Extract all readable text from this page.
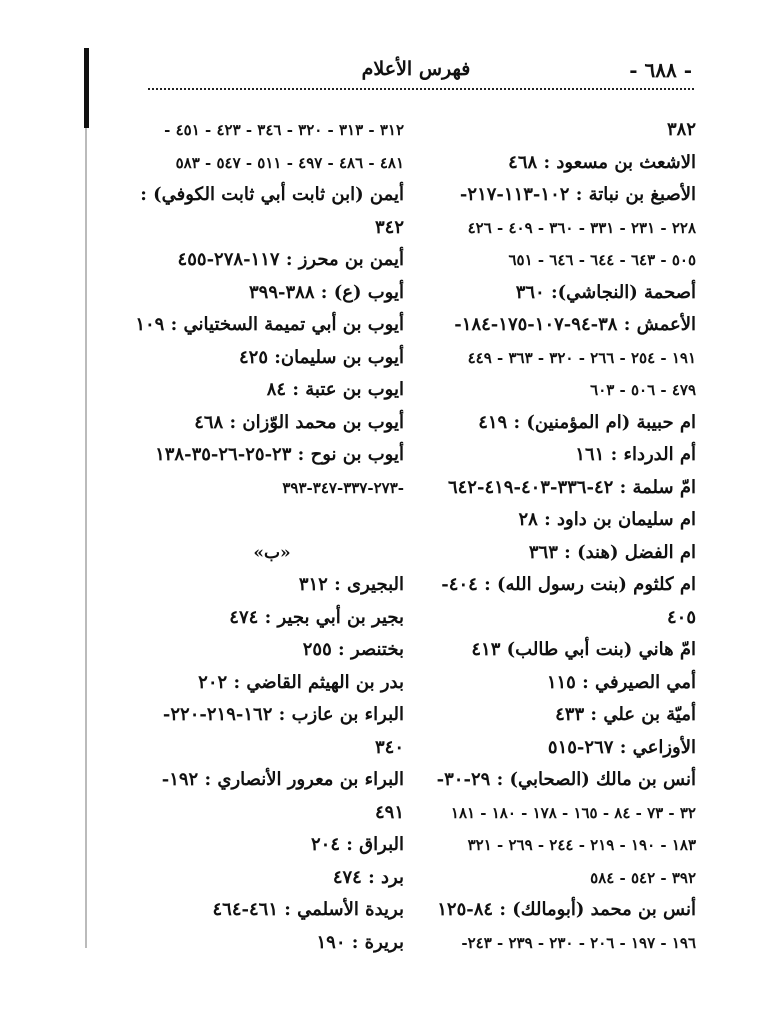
- ٦٨٨ -
فهرس الأعلام
٣٨٢
الاشعث بن مسعود : ٤٦٨
الأصبغ بن نباتة : ١٠٢-١١٣-٢١٧-
٢٢٨ - ٢٣١ - ٣٣١ - ٣٦٠ - ٤٠٩ - ٤٢٦
٥٠٥ - ٦٤٣ - ٦٤٤ - ٦٤٦ - ٦٥١
أصحمة (النجاشي): ٣٦٠
الأعمش : ٣٨-٩٤-١٠٧-١٧٥-١٨٤-
١٩١ - ٢٥٤ - ٢٦٦ - ٣٢٠ - ٣٦٣ - ٤٤٩
٤٧٩ - ٥٠٦ - ٦٠٣
ام حبيبة (ام المؤمنين) : ٤١٩
أم الدرداء : ١٦١
امّ سلمة : ٤٢-٣٣٦-٤٠٣-٤١٩-٦٤٢
ام سليمان بن داود : ٢٨
ام الفضل (هند) : ٣٦٣
ام كلثوم (بنت رسول الله) : ٤٠٤-
٤٠٥
امّ هاني (بنت أبي طالب) ٤١٣
أمي الصيرفي : ١١٥
أميّة بن علي : ٤٣٣
الأوزاعي : ٢٦٧-٥١٥
أنس بن مالك (الصحابي) : ٢٩-٣٠-
٣٢ - ٧٣ - ٨٤ - ١٦٥ - ١٧٨ - ١٨٠ - ١٨١
١٨٣ - ١٩٠ - ٢١٩ - ٢٤٤ - ٢٦٩ - ٣٢١
٣٩٢ - ٥٤٢ - ٥٨٤
أنس بن محمد (أبومالك) : ٨٤-١٢٥
١٩٦ - ١٩٧ - ٢٠٦ - ٢٣٠ - ٢٣٩ - ٢٤٣-
٣١٢ - ٣١٣ - ٣٢٠ - ٣٤٦ - ٤٢٣ - ٤٥١ -
٤٨١ - ٤٨٦ - ٤٩٧ - ٥١١ - ٥٤٧ - ٥٨٣
أيمن (ابن ثابت أبي ثابت الكوفي) :
٣٤٢
أيمن بن محرز : ١١٧-٢٧٨-٤٥٥
أيوب (ع) : ٣٨٨-٣٩٩
أيوب بن أبي تميمة السختياني : ١٠٩
أيوب بن سليمان: ٤٢٥
ايوب بن عتبة : ٨٤
أيوب بن محمد الوّزان : ٤٦٨
أيوب بن نوح : ٢٣-٢٥-٢٦-٣٥-١٣٨
-٢٧٣-٣٣٧-٣٤٧-٣٩٣
«ب»
البجيرى : ٣١٢
بجير بن أبي بجير : ٤٧٤
بختنصر : ٢٥٥
بدر بن الهيثم القاضي : ٢٠٢
البراء بن عازب : ١٦٢-٢١٩-٢٢٠-
٣٤٠
البراء بن معرور الأنصاري : ١٩٢-
٤٩١
البراق : ٢٠٤
برد : ٤٧٤
بريدة الأسلمي : ٤٦١-٤٦٤
بريرة : ١٩٠
